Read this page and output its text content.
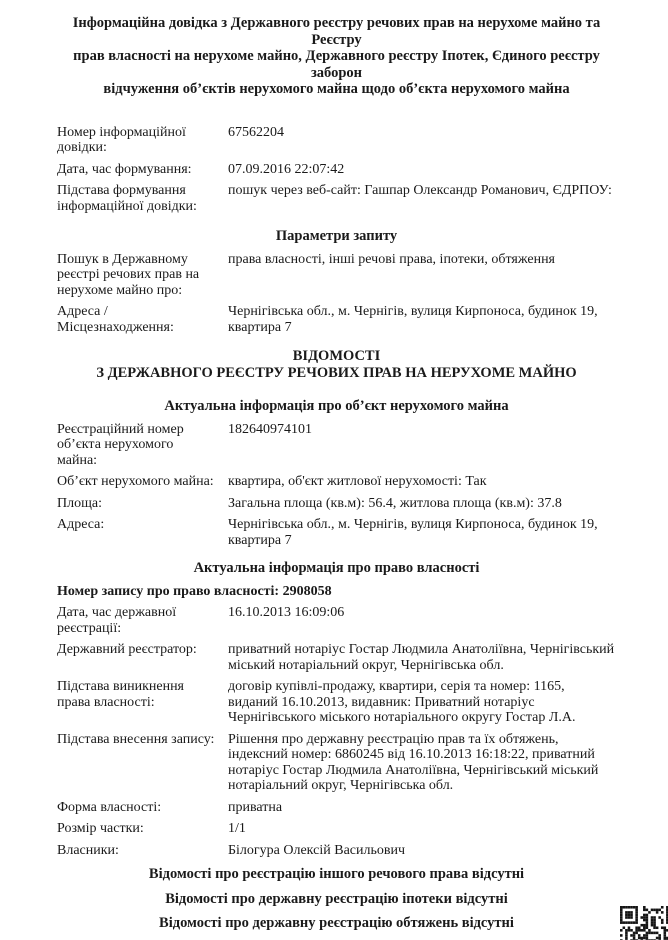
Інформаційна довідка з Державного реєстру речових прав на нерухоме майно та Реєстру
прав власності на нерухоме майно, Державного реєстру Іпотек, Єдиного реєстру заборон
відчуження об’єктів нерухомого майна щодо об’єкта нерухомого майна
Номер інформаційної довідки:
67562204
Дата, час формування:	07.09.2016 22:07:42
Підстава формування інформаційної довідки:
пошук через веб-сайт: Гашпар Олександр Романович, ЄДРПОУ:
Параметри запиту
Пошук в Державному реєстрі речових прав на нерухоме майно про:
права власності, інші речові права, іпотеки, обтяження
Адреса / Місцезнаходження:
Чернігівська обл., м. Чернігів, вулиця Кирпоноса, будинок 19, квартира 7
ВІДОМОСТІ
З ДЕРЖАВНОГО РЕЄСТРУ РЕЧОВИХ ПРАВ НА НЕРУХОМЕ МАЙНО
Актуальна інформація про об’єкт нерухомого майна
Реєстраційний номер об’єкта нерухомого майна:
182640974101
Об’єкт нерухомого майна:	квартира, об'єкт житлової нерухомості: Так
Площа:	Загальна площа (кв.м): 56.4, житлова площа (кв.м): 37.8
Адреса:	Чернігівська обл., м. Чернігів, вулиця Кирпоноса, будинок 19, квартира 7
Актуальна інформація про право власності
Номер запису про право власності: 2908058
Дата, час державної реєстрації:
16.10.2013 16:09:06
Державний реєстратор:	приватний нотаріус Гостар Людмила Анатоліївна, Чернігівський міський нотаріальний округ, Чернігівська обл.
Підстава виникнення права власності:
договір купівлі-продажу, квартири, серія та номер: 1165, виданий 16.10.2013, видавник: Приватний нотаріус Чернігівського міського нотаріального округу Гостар Л.А.
Підстава внесення запису: Рішення про державну реєстрацію прав та їх обтяжень, індексний номер: 6860245 від 16.10.2013 16:18:22, приватний нотаріус Гостар Людмила Анатоліївна, Чернігівський міський нотаріальний округ, Чернігівська обл.
Форма власності:	приватна
Розмір частки:	1/1
Власники:	Білогура Олексій Васильович
Відомості про реєстрацію іншого речового права відсутні
Відомості про державну реєстрацію іпотеки відсутні
Відомості про державну реєстрацію обтяжень відсутні
